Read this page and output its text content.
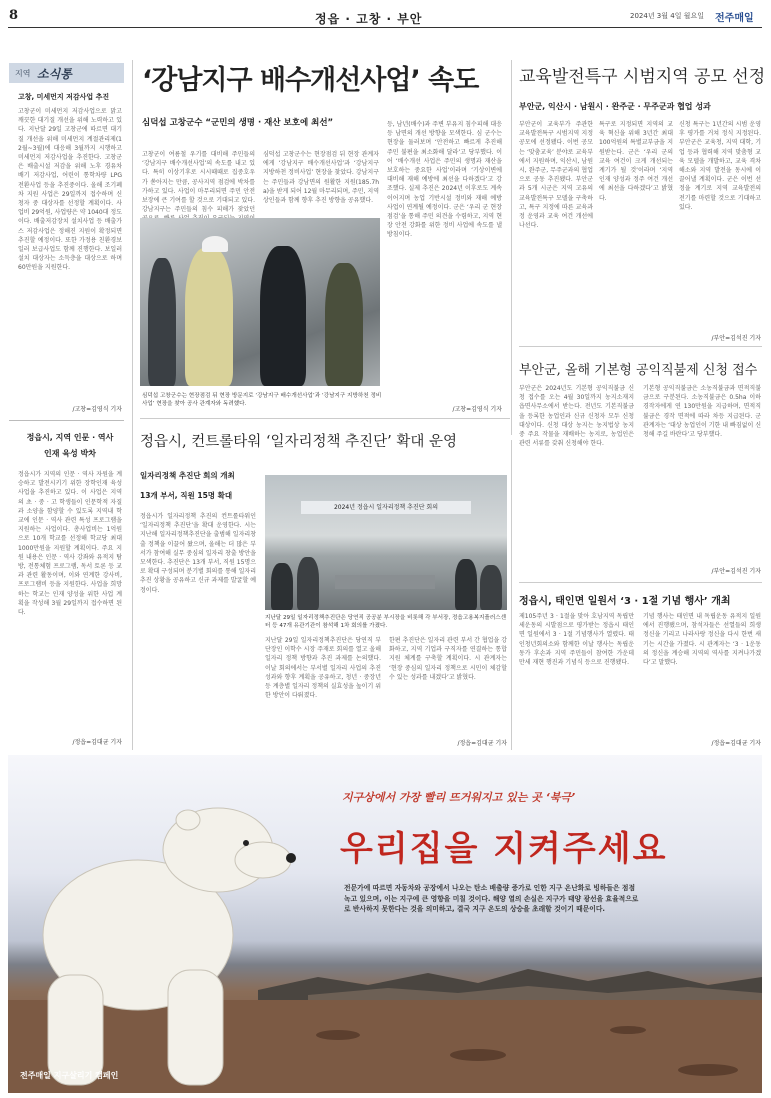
8	정읍 · 고창 · 부안	2024년 3월 4일 월요일 전주매일
지역 소식통
고창, 미세먼지 저감사업 추진
고창군이 미세먼지 저감사업으로 맑고 깨끗한 대기질 개선을 위해 노력하고 있다. 지난달 29일 고창군에 따르면 대기질 개선을 위해 미세먼지 계절관리제(12월~3월)에 대응해 3월까지 시행하고 미세먼지 저감사업을 추진한다. 고창군은 배출시설 저감을 위해 노후 경유차 배기 저감사업, 어린이 통학차량 LPG 전환사업 등을 추진중이다. 올해 조기폐차 지원 사업은 29일까지 접수하며 신청자 중 대상자를 선정할 계획이다. 사업비 29억원, 사업량은 약 1040대 정도이다. 배출저감장치 설치사업 등 배출가스 저감사업은 정해진 지원이 확정되면 추진할 예정이다. 또한 가정용 친환경보일러 보급사업도 함께 진행한다. 보일러 설치 대상자는 소득층을 대상으로 하며 60만원을 지원한다.
/고창=김영식 기자
정읍시, 지역 인문 · 역사
인재 육성 박차
정읍시가 지역의 인문 · 역사 자원을 계승하고 발전시키기 위한 장학인재 육성 사업을 추진하고 있다. 이 사업은 지역의 초 · 중 · 고 학생들이 인문학적 자질과 소양을 함양할 수 있도록 지역내 학교에 인문 · 역사 관련 특성 프로그램을 지원하는 사업이다. 총사업비는 1억원으로 10개 학교를 선정해 학교당 최대 1000만원을 지원할 계획이다. 주요 지원 내용은 인문 · 역사 강좌와 유적지 탐방, 전통체험 프로그램, 독서 토론 등 교과 관련 활동이며, 이와 연계한 강사비, 프로그램비 등을 지원한다. 사업을 희망하는 학교는 인재 양성을 위한 사업 계획을 작성해 3월 29일까지 접수하면 된다.
/정읍=김대균 기자
‘강남지구 배수개선사업’ 속도
심덕섭 고창군수 “군민의 생명 · 재산 보호에 최선”
고창군이 여름철 우기를 대비해 주민들의 ‘강남지구 배수개선사업’의 속도를 내고 있다. 특히 이상기후로 시시때때로 집중호우가 쏟아지는 만큼, 공사지역 점검에 박차를 가하고 있다. 사업이 마무리되면 주민 안전 보장에 큰 기여를 할 것으로 기대되고 있다. 강남지구는 주민들의 침수 피해가 잦았던
심덕섭 고창군수는 현장점검 뒤 현장 관계자에게 ‘강남지구 배수개선사업’과 ‘강남지구 지방하천 정비사업’ 현장을 찾았다. 강남지구는 주민들과 강남면의 원활한 지원(185.7ha)을 받게 되어 12월 마무리되며, 주민, 지역 상인들과 함께 향후 추진 방향을 공유했다.
등, 남년(배수)과 주변 부유지 침수피해 대응 등 남면의 개선 방향을 모색한다. 심 군수는 현장을 둘러보며 ‘안전하고 빠르게 추진해 주민 불편을 최소화해 달라’고 당부했다. 이어 ‘배수개선 사업은 주민의 생명과 재산을 보호하는 중요한 사업’이라며 ‘기상이변에 대비해 재해 예방에 최선을 다하겠다’고 강조했다. 실제 추진은 2024년 이후로도 계속 이어지며 농업 기반시설 정비와 재해 예방 사업이 연계될 예정이다. 군은 ‘우리 군 현장점검’을 통해 주민 의견을 수렴하고, 지역 현장 안전 강화를 위한 정비 사업에 속도를 낼 방침이다.
/고창=김영식 기자
심덕섭 고창군수는 현장점검 뒤 현장 방문지로 ‘강남지구 배수개선사업’과 ‘강남지구 지방하천 정비사업’ 현장을 찾아 공사 관계자와 독려했다.
교육발전특구 시범지역 공모 선정
부안군, 익산시 · 남원시 · 완주군 · 무주군과 협업 성과
부안군이 교육부가 주관한 교육발전특구 시범지역 지정 공모에 선정됐다. 이번 공모는 ‘맞춤교육’ 분야로 교육부에서 지원하며, 익산시, 남원시, 완주군, 무주군과의 협업으로 공동 추진됐다. 부안군과 5개 시군은 지역 고유의 교육발전특구 모델을 구축하고, 특구 지정에 따른 교육과정 운영과 교육 여건 개선에 나선다.
특구로 지정되면 지역의 교육 혁신을 위해 3년간 최대 100억원의 특별교부금을 지원받는다. 군은 ‘우리 군의 교육 여건이 크게 개선되는 계기가 될 것’이라며 ‘지역 인재 양성과 정주 여건 개선에 최선을 다하겠다’고 밝혔다.
신청 특구는 1년간의 시범 운영 후 평가를 거쳐 정식 지정된다. 부안군은 교육청, 지역 대학, 기업 등과 협력해 지역 맞춤형 교육 모델을 개발하고, 교육 격차 해소와 지역 발전을 동시에 이끌어낼 계획이다. 군은 이번 선정을 계기로 지역 교육발전의 전기를 마련할 것으로 기대하고 있다.
/부안=김석진 기자
부안군, 올해 기본형 공익직불제 신청 접수
부안군은 2024년도 기본형 공익직불금 신청 접수를 오는 4월 30일까지 농지소재지 읍면사무소에서 받는다. 전년도 기본직불금을 등록한 농업인과 신규 신청자 모두 신청 대상이다. 신청 대상 농지는 농지법상 농지 중 주요 작물을 재배하는 농지로, 농업인은 관련 서류를 갖춰 신청해야 한다.
기본형 공익직불금은 소농직불금과 면적직불금으로 구분된다. 소농직불금은 0.5ha 이하 경작자에게 연 130만원을 지급하며, 면적직불금은 경작 면적에 따라 차등 지급된다. 군 관계자는 ‘대상 농업인이 기한 내 빠짐없이 신청해 주길 바란다’고 당부했다.
/부안=김석진 기자
정읍시, 컨트롤타워 ‘일자리정책 추진단’ 확대 운영
일자리정책 추진단 회의 개최
13개 부서, 직원 15명 확대
정읍시가 일자리정책 추진의 컨트롤타워인 ‘일자리정책 추진단’을 확대 운영한다. 시는 지난해 일자리정책추진단을 출범해 일자리창출 정책을 이끌어 왔으며, 올해는 더 많은 부서가 참여해 실무 중심의 일자리 창출 방안을 모색한다. 추진단은 13개 부서, 직원 15명으로 확대 구성되며 분기별 회의를 통해 일자리 추진 상황을 공유하고 신규 과제를 발굴할 예정이다.
2024년 정읍시 일자리정책 추진단 회의
지난달 29일 일자리정책추진단은 당연직 공공분 부시장을 비롯해 각 부서장, 정읍고용복지플러스센터 등 47개 유관기관이 참석해 1차 회의를 가졌다.
지난달 29일 일자리정책추진단은 당연직 부단장인 이학수 시장 주재로 회의를 열고 올해 일자리 정책 방향과 추진 과제를 논의했다. 이날 회의에서는 부서별 일자리 사업의 추진 성과와 향후 계획을 공유하고, 청년 · 중장년 등 계층별 일자리 정책의 실효성을 높이기 위한 방안이 다뤄졌다.
한편 추진단은 일자리 관련 부서 간 협업을 강화하고, 지역 기업과 구직자를 연결하는 통합 지원 체계를 구축할 계획이다. 시 관계자는 ‘현장 중심의 일자리 정책으로 시민이 체감할 수 있는 성과를 내겠다’고 밝혔다.
/정읍=김대균 기자
정읍시, 태인면 일원서 ‘3 · 1절 기념 행사’ 개최
제105주년 3 · 1절을 맞아 호남지역 독립만세운동의 시발점으로 평가받는 정읍시 태인면 일원에서 3 · 1절 기념행사가 열렸다. 태인청년회의소와 함께한 이날 행사는 독립운동가 후손과 지역 주민들이 참여한 가운데 만세 재현 행진과 기념식 등으로 진행됐다.
기념 행사는 태인면 내 독립운동 유적지 일원에서 진행됐으며, 참석자들은 선열들의 희생정신을 기리고 나라사랑 정신을 다시 한번 새기는 시간을 가졌다. 시 관계자는 ‘3 · 1운동의 정신을 계승해 지역의 역사를 지켜나가겠다’고 말했다.
/정읍=김대균 기자
지구상에서 가장 빨리 뜨거워지고 있는 곳 ‘북극’
우리집을 지켜주세요
전문가에 따르면 자동차와 공장에서 나오는 탄소 배출량 증가로 인한 지구 온난화로 빙하들은 점점
녹고 있으며, 이는 지구에 큰 영향을 미칠 것이다. 해양 열의 손실은 지구가 태양 광선을 효율적으로
로 반사하지 못한다는 것을 의미하고, 결국 지구 온도의 상승을 초래할 것이기 때문이다.
전주매일 지구살리기 캠페인
